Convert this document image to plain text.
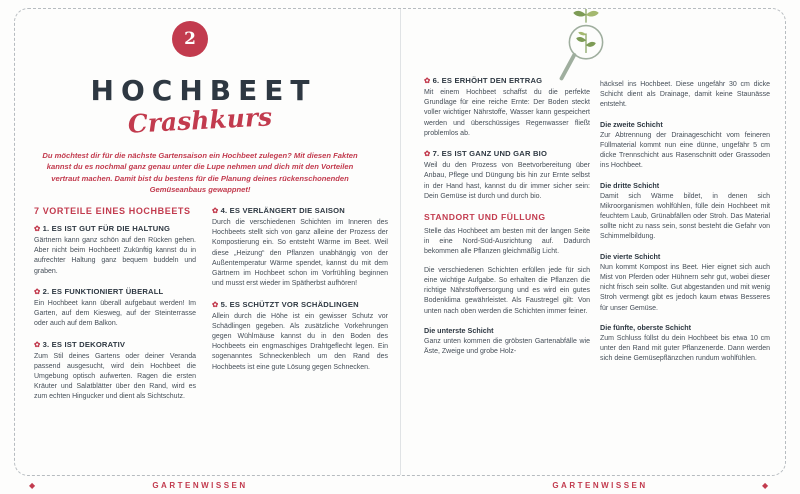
2
HOCHBEET
Crashkurs

Du möchtest dir für die nächste Gartensaison ein Hochbeet zulegen? Mit diesen Fakten kannst du es nochmal ganz genau unter die Lupe nehmen und dich mit den Vorteilen vertraut machen. Damit bist du bestens für die Planung deines rückenschonenden Gemüseanbaus gewappnet!

7 VORTEILE EINES HOCHBEETS
✿ 1. ES IST GUT FÜR DIE HALTUNG

Gärtnern kann ganz schön auf den Rücken gehen. Aber nicht beim Hochbeet! Zukünftig kannst du in aufrechter Haltung ganz bequem buddeln und graben.

✿ 2. ES FUNKTIONIERT ÜBERALL

Ein Hochbeet kann überall aufgebaut werden! Im Garten, auf dem Kiesweg, auf der Steinterrasse oder auch auf dem Balkon.

✿ 3. ES IST DEKORATIV

Zum Stil deines Gartens oder deiner Veranda passend ausgesucht, wird dein Hochbeet die Umgebung optisch aufwerten. Ragen die ersten Kräuter und Salatblätter über den Rand, wird es zum echten Hingucker und dient als Sichtschutz.

✿ 4. ES VERLÄNGERT DIE SAISON

Durch die verschiedenen Schichten im Inneren des Hochbeets stellt sich von ganz alleine der Prozess der Kompostierung ein. So entsteht Wärme im Beet. Weil diese „Heizung“ den Pflanzen unabhängig von der Außentemperatur Wärme spendet, kannst du mit dem Gärtnern im Hochbeet schon im Vorfrühling beginnen und musst erst wieder im Spätherbst aufhören!

✿ 5. ES SCHÜTZT VOR SCHÄDLINGEN

Allein durch die Höhe ist ein gewisser Schutz vor Schädlingen gegeben. Als zusätzliche Vorkehrungen gegen Wühlmäuse kannst du in den Boden des Hochbeets ein engmaschiges Drahtgeflecht legen. Ein sogenanntes Schneckenblech um den Rand des Hochbeets ist eine gute Lösung gegen Schnecken.

✿ 6. ES ERHÖHT DEN ERTRAG

Mit einem Hochbeet schaffst du die perfekte Grundlage für eine reiche Ernte: Der Boden steckt voller wichtiger Nährstoffe, Wasser kann gespeichert werden und überschüssiges Regenwasser fließt problemlos ab.

✿ 7. ES IST GANZ UND GAR BIO

Weil du den Prozess von Beetvorbereitung über Anbau, Pflege und Düngung bis hin zur Ernte selbst in der Hand hast, kannst du dir immer sicher sein: Dein Gemüse ist durch und durch bio.

STANDORT UND FÜLLUNG

Stelle das Hochbeet am besten mit der langen Seite in eine Nord-Süd-Ausrichtung auf. Dadurch bekommen alle Pflanzen gleichmäßig Licht.

Die verschiedenen Schichten erfüllen jede für sich eine wichtige Aufgabe. So erhalten die Pflanzen die richtige Nährstoffversorgung und es wird ein gutes Bodenklima gewährleistet. Als Faustregel gilt: Von unten nach oben werden die Schichten immer feiner.

Die unterste Schicht

Ganz unten kommen die gröbsten Gartenabfälle wie Äste, Zweige und grobe Holz-

häcksel ins Hochbeet. Diese ungefähr 30 cm dicke Schicht dient als Drainage, damit keine Staunässe entsteht.

Die zweite Schicht

Zur Abtrennung der Drainageschicht vom feineren Füllmaterial kommt nun eine dünne, ungefähr 5 cm dicke Trennschicht aus Rasenschnitt oder Grassoden ins Hochbeet.

Die dritte Schicht

Damit sich Wärme bildet, in denen sich Mikroorganismen wohlfühlen, fülle dein Hochbeet mit feuchtem Laub, Grünabfällen oder Stroh. Das Material sollte nicht zu nass sein, sonst besteht die Gefahr von Schimmelbildung.

Die vierte Schicht

Nun kommt Kompost ins Beet. Hier eignet sich auch Mist von Pferden oder Hühnern sehr gut, wobei dieser nicht frisch sein sollte. Gut abgestanden und mit wenig Stroh vermengt gibt es jedoch kaum etwas Besseres für unser Gemüse.

Die fünfte, oberste Schicht

Zum Schluss füllst du dein Hochbeet bis etwa 10 cm unter den Rand mit guter Pflanzenerde. Dann werden sich deine Gemüsepflänzchen rundum wohlfühlen.

◆	GARTENWISSEN	GARTENWISSEN	◆
